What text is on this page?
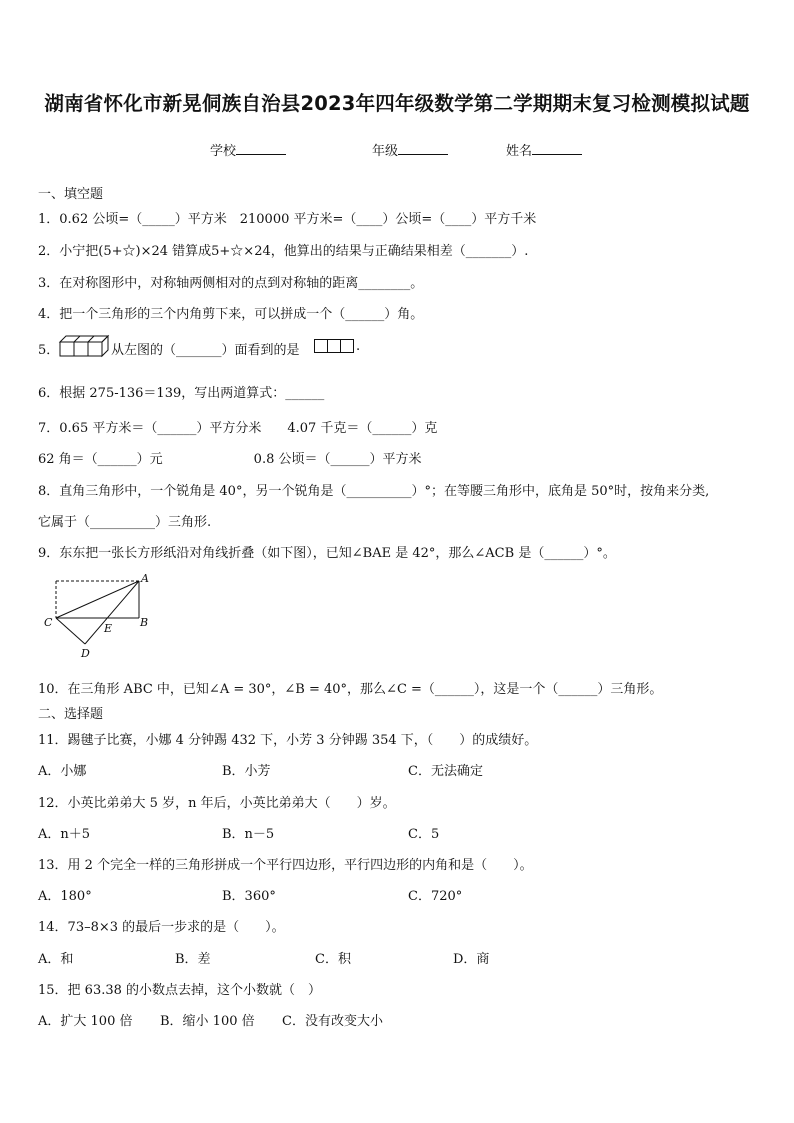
湖南省怀化市新晃侗族自治县2023年四年级数学第二学期期末复习检测模拟试题
学校	年级	姓名
一、填空题
1．0.62 公顷=（_____）平方米　210000 平方米=（____）公顷=（____）平方千米
2．小宁把(5+☆)×24 错算成5+☆×24，他算出的结果与正确结果相差（_______）.
3．在对称图形中，对称轴两侧相对的点到对称轴的距离________。
4．把一个三角形的三个内角剪下来，可以拼成一个（______）角。
5．	从左图的（_______）面看到的是	.
6．根据 275-136＝139，写出两道算式：______
7．0.65 平方米＝（______）平方分米　　4.07 千克＝（______）克
62 角＝（______）元　　　　　　　0.8 公顷＝（______）平方米
8．直角三角形中，一个锐角是 40°，另一个锐角是（__________）°；在等腰三角形中，底角是 50°时，按角来分类,
它属于（__________）三角形.
9．东东把一张长方形纸沿对角线折叠（如下图），已知∠BAE 是 42°，那么∠ACB 是（______）°。
A
B
C
D
E
10．在三角形 ABC 中，已知∠A = 30°，∠B = 40°，那么∠C =（______），这是一个（______）三角形。
二、选择题
11．踢毽子比赛，小娜 4 分钟踢 432 下，小芳 3 分钟踢 354 下，（　　）的成绩好。
A．小娜	B．小芳	C．无法确定
12．小英比弟弟大 5 岁，n 年后，小英比弟弟大（　　）岁。
A．n＋5	B．n－5	C．5
13．用 2 个完全一样的三角形拼成一个平行四边形，平行四边形的内角和是（　　）。
A．180°	B．360°	C．720°
14．73–8×3 的最后一步求的是（　　）。
A．和	B．差	C．积	D．商
15．把 63.38 的小数点去掉，这个小数就（　）
A．扩大 100 倍 B．缩小 100 倍 C．没有改变大小
